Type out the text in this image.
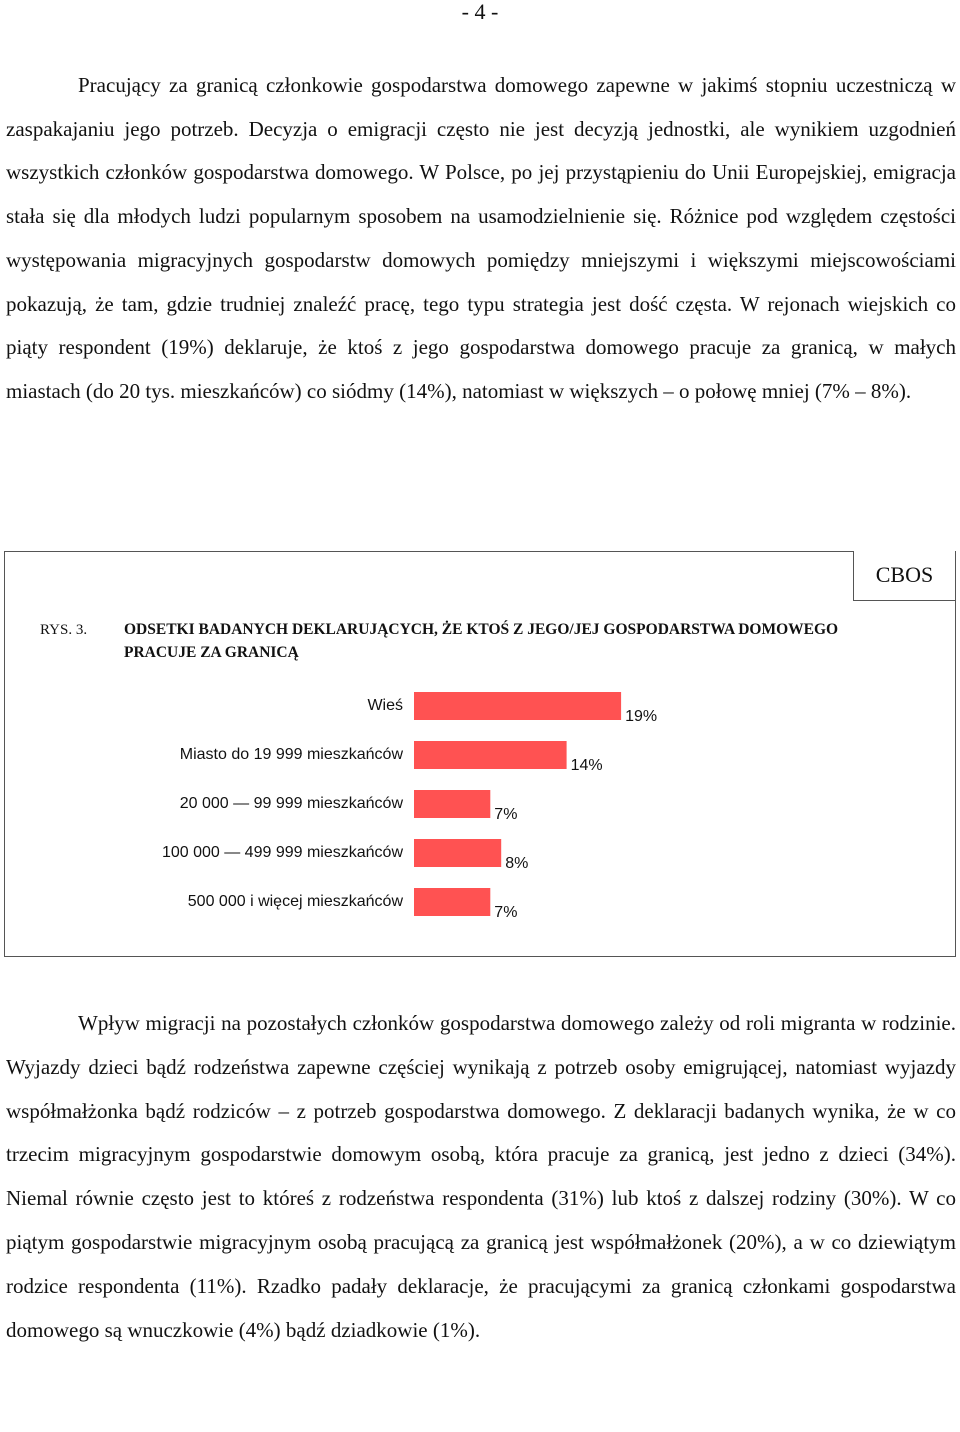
- 4 -

Pracujący za granicą członkowie gospodarstwa domowego zapewne w jakimś stopniu uczestniczą w zaspakajaniu jego potrzeb. Decyzja o emigracji często nie jest decyzją jednostki, ale wynikiem uzgodnień wszystkich członków gospodarstwa domowego. W Polsce, po jej przystąpieniu do Unii Europejskiej, emigracja stała się dla młodych ludzi popularnym sposobem na usamodzielnienie się. Różnice pod względem częstości występowania migracyjnych gospodarstw domowych pomiędzy mniejszymi i większymi miejscowościami pokazują, że tam, gdzie trudniej znaleźć pracę, tego typu strategia jest dość częsta. W rejonach wiejskich co piąty respondent (19%) deklaruje, że ktoś z jego gospodarstwa domowego pracuje za granicą, w małych miastach (do 20 tys. mieszkańców) co siódmy (14%), natomiast w większych – o połowę mniej (7% – 8%).

CBOS
RYS. 3. ODSETKI BADANYCH DEKLARUJĄCYCH, ŻE KTOŚ Z JEGO/JEJ GOSPODARSTWA DOMOWEGO PRACUJE ZA GRANICĄ

Wieś
19%
Miasto do 19 999 mieszkańców
14%
20 000 — 99 999 mieszkańców
7%
100 000 — 499 999 mieszkańców
8%
500 000 i więcej mieszkańców
7%

Wpływ migracji na pozostałych członków gospodarstwa domowego zależy od roli migranta w rodzinie. Wyjazdy dzieci bądź rodzeństwa zapewne częściej wynikają z potrzeb osoby emigrującej, natomiast wyjazdy współmałżonka bądź rodziców – z potrzeb gospodarstwa domowego. Z deklaracji badanych wynika, że w co trzecim migracyjnym gospodarstwie domowym osobą, która pracuje za granicą, jest jedno z dzieci (34%). Niemal równie często jest to któreś z rodzeństwa respondenta (31%) lub ktoś z dalszej rodziny (30%). W co piątym gospodarstwie migracyjnym osobą pracującą za granicą jest współmałżonek (20%), a w co dziewiątym rodzice respondenta (11%). Rzadko padały deklaracje, że pracującymi za granicą członkami gospodarstwa domowego są wnuczkowie (4%) bądź dziadkowie (1%).
